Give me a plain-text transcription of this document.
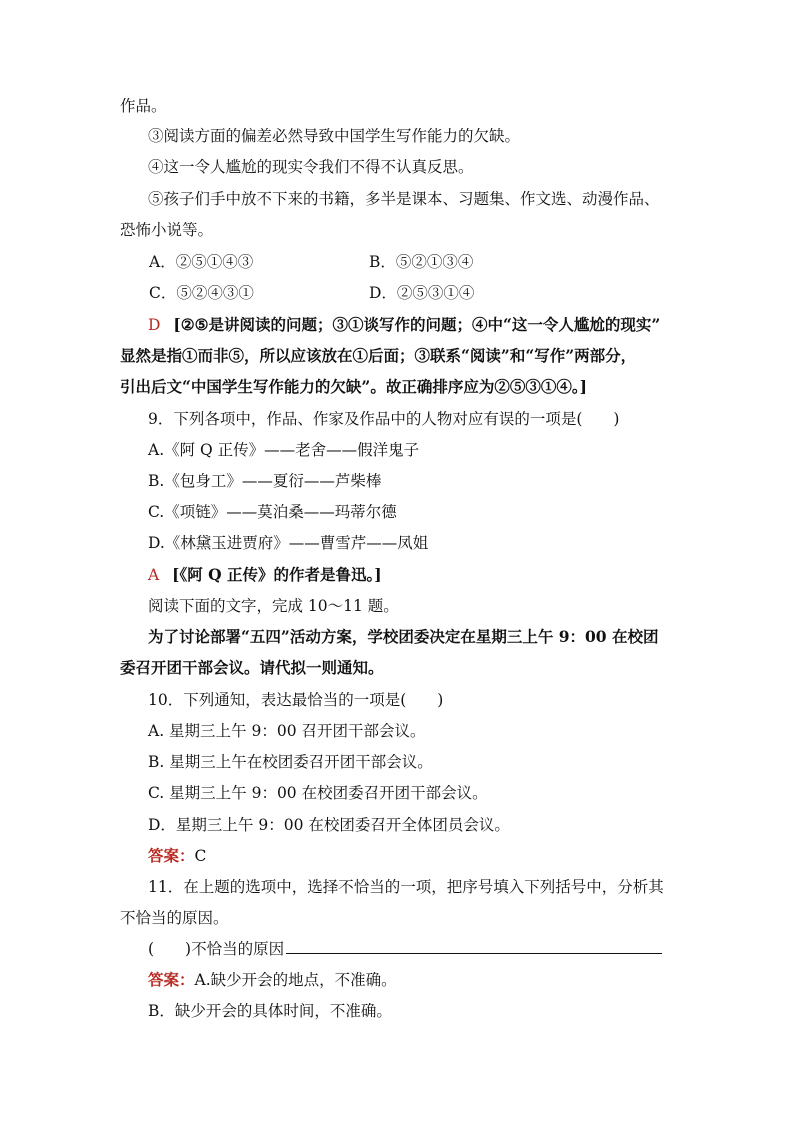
作品。
③阅读方面的偏差必然导致中国学生写作能力的欠缺。
④这一令人尴尬的现实令我们不得不认真反思。
⑤孩子们手中放不下来的书籍，多半是课本、习题集、作文选、动漫作品、
恐怖小说等。
A．②⑤①④③	B．⑤②①③④
C．⑤②④③①	D．②⑤③①④
D [②⑤是讲阅读的问题；③①谈写作的问题；④中“这一令人尴尬的现实”
显然是指①而非⑤，所以应该放在①后面；③联系“阅读”和“写作”两部分，
引出后文“中国学生写作能力的欠缺”。故正确排序应为②⑤③①④。]
9．下列各项中，作品、作家及作品中的人物对应有误的一项是(　　)
A.《阿 Q 正传》——老舍——假洋鬼子
B.《包身工》——夏衍——芦柴棒
C.《项链》——莫泊桑——玛蒂尔德
D.《林黛玉进贾府》——曹雪芹——凤姐
A [《阿 Q 正传》的作者是鲁迅。]
阅读下面的文字，完成 10～11 题。
为了讨论部署“五四”活动方案，学校团委决定在星期三上午 9：00 在校团
委召开团干部会议。请代拟一则通知。
10．下列通知，表达最恰当的一项是(　　)
A. 星期三上午 9：00 召开团干部会议。
B. 星期三上午在校团委召开团干部会议。
C. 星期三上午 9：00 在校团委召开团干部会议。
D．星期三上午 9：00 在校团委召开全体团员会议。
答案：C
11．在上题的选项中，选择不恰当的一项，把序号填入下列括号中，分析其
不恰当的原因。
(　　)不恰当的原因
答案：A.缺少开会的地点，不准确。
B．缺少开会的具体时间，不准确。
